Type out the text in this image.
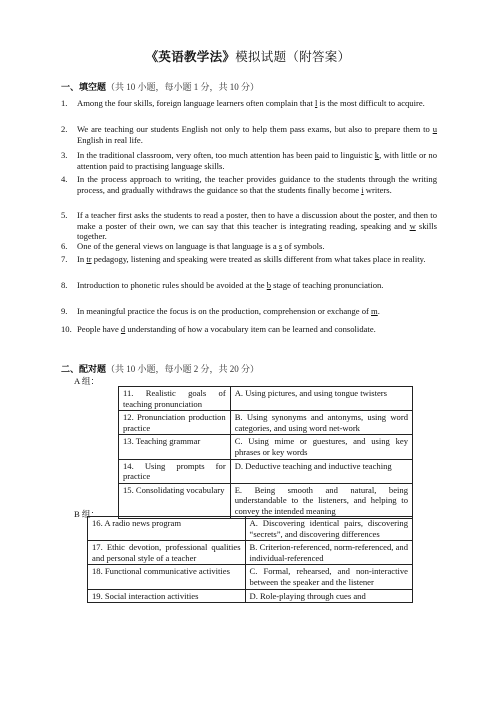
《英语教学法》模拟试题（附答案）
一、填空题（共 10 小题，每小题 1 分，共 10 分）
1. Among the four skills, foreign language learners often complain that l is the most difficult to acquire.
2. We are teaching our students English not only to help them pass exams, but also to prepare them to u English in real life.
3. In the traditional classroom, very often, too much attention has been paid to linguistic k, with little or no attention paid to practising language skills.
4. In the process approach to writing, the teacher provides guidance to the students through the writing process, and gradually withdraws the guidance so that the students finally become i writers.
5. If a teacher first asks the students to read a poster, then to have a discussion about the poster, and then to make a poster of their own, we can say that this teacher is integrating reading, speaking and w skills together.
6. One of the general views on language is that language is a s of symbols.
7. In tr pedagogy, listening and speaking were treated as skills different from what takes place in reality.
8. Introduction to phonetic rules should be avoided at the b stage of teaching pronunciation.
9. In meaningful practice the focus is on the production, comprehension or exchange of m.
10. People have d understanding of how a vocabulary item can be learned and consolidate.
二、配对题（共 10 小题，每小题 2 分，共 20 分）
A 组：
11. Realistic goals of teaching pronunciation	A. Using pictures, and using tongue twisters
12. Pronunciation production practice	B. Using synonyms and antonyms, using word categories, and using word net-work
13. Teaching grammar	C. Using mime or guestures, and using key phrases or key words
14. Using prompts for practice	D. Deductive teaching and inductive teaching
15. Consolidating vocabulary	E. Being smooth and natural, being understandable to the listeners, and helping to convey the intended meaning
B 组：
16. A radio news program	A. Discovering identical pairs, discovering “secrets”, and discovering differences
17. Ethic devotion, professional qualities and personal style of a teacher	B. Criterion-referenced, norm-referenced, and individual-referenced
18. Functional communicative activities	C. Formal, rehearsed, and non-interactive between the speaker and the listener
19. Social interaction activities	D. Role-playing through cues and
